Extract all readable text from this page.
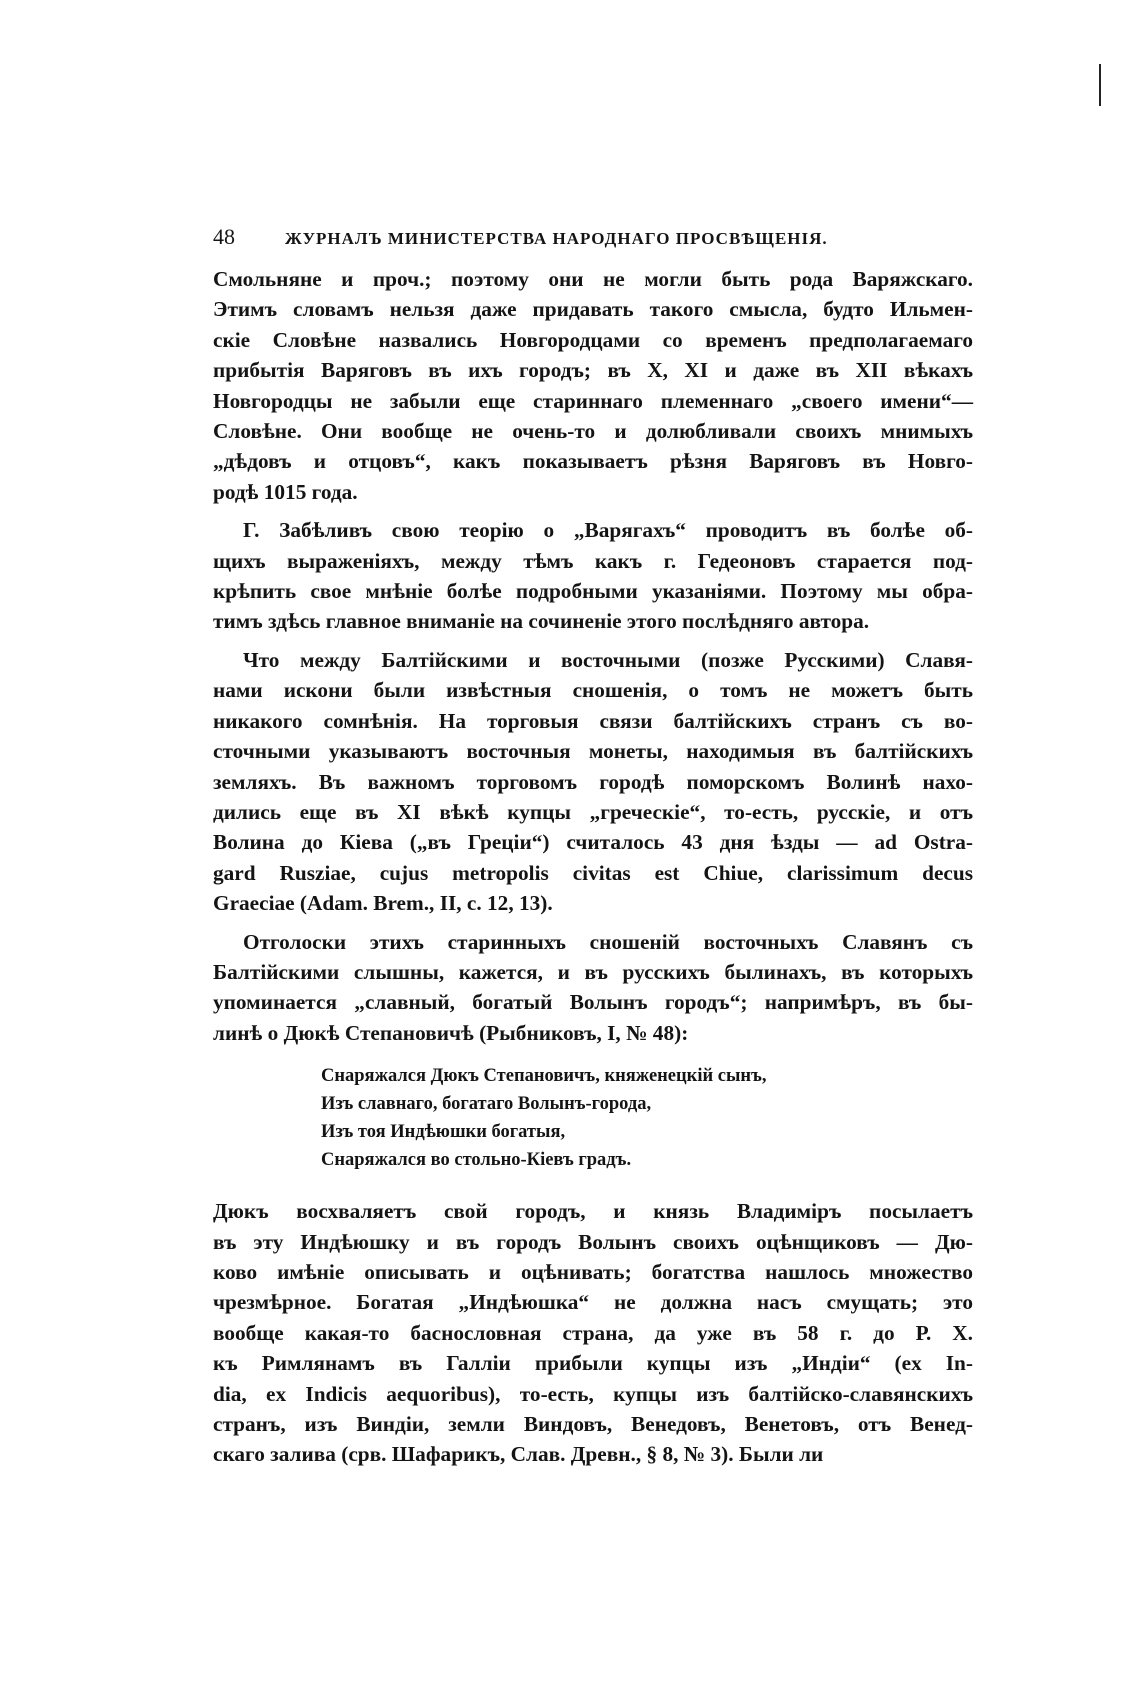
48	ЖУРНАЛЪ МИНИСТЕРСТВА НАРОДНАГО ПРОСВѢЩЕНІЯ.
Смольняне и проч.; поэтому они не могли быть рода Варяжскаго.
Этимъ словамъ нельзя даже придавать такого смысла, будто Ильмен-
скіе Словѣне назвались Новгородцами со временъ предполагаемаго
прибытія Варяговъ въ ихъ городъ; въ X, XI и даже въ XII вѣкахъ
Новгородцы не забыли еще стариннаго племеннаго „своего имени“—
Словѣне. Они вообще не очень-то и долюбливали своихъ мнимыхъ
„дѣдовъ и отцовъ“, какъ показываетъ рѣзня Варяговъ въ Новго-
родѣ 1015 года.
Г. Забѣливъ свою теорію о „Варягахъ“ проводитъ въ болѣе об-
щихъ выраженіяхъ, между тѣмъ какъ г. Гедеоновъ старается под-
крѣпить свое мнѣніе болѣе подробными указаніями. Поэтому мы обра-
тимъ здѣсь главное вниманіе на сочиненіе этого послѣдняго автора.
Что между Балтійскими и восточными (позже Русскими) Славя-
нами искони были извѣстныя сношенія, о томъ не можетъ быть
никакого сомнѣнія. На торговыя связи балтійскихъ странъ съ во-
сточными указываютъ восточныя монеты, находимыя въ балтійскихъ
земляхъ. Въ важномъ торговомъ городѣ поморскомъ Волинѣ нахо-
дились еще въ XI вѣкѣ купцы „греческіе“, то-есть, русскіе, и отъ
Волина до Кіева („въ Греціи“) считалось 43 дня ѣзды — ad Ostra-
gard Rusziae, cujus metropolis civitas est Chiue, clarissimum decus
Graeciae (Adam. Brem., II, c. 12, 13).
Отголоски этихъ старинныхъ сношеній восточныхъ Славянъ съ
Балтійскими слышны, кажется, и въ русскихъ былинахъ, въ которыхъ
упоминается „славный, богатый Волынъ городъ“; напримѣръ, въ бы-
линѣ о Дюкѣ Степановичѣ (Рыбниковъ, I, № 48):
Снаряжался Дюкъ Степановичъ, княженецкій сынъ,
Изъ славнаго, богатаго Волынъ-города,
Изъ тоя Индѣюшки богатыя,
Снаряжался во стольно-Кіевъ градъ.
Дюкъ восхваляетъ свой городъ, и князь Владиміръ посылаетъ
въ эту Индѣюшку и въ городъ Волынъ своихъ оцѣнщиковъ — Дю-
ково имѣніе описывать и оцѣнивать; богатства нашлось множество
чрезмѣрное. Богатая „Индѣюшка“ не должна насъ смущать; это
вообще какая-то баснословная страна, да уже въ 58 г. до Р. Х.
къ Римлянамъ въ Галліи прибыли купцы изъ „Индіи“ (ex In-
dia, ex Indicis aequoribus), то-есть, купцы изъ балтійско-славянскихъ
странъ, изъ Виндіи, земли Виндовъ, Венедовъ, Венетовъ, отъ Венед-
скаго залива (срв. Шафарикъ, Слав. Древн., § 8, № 3). Были ли
